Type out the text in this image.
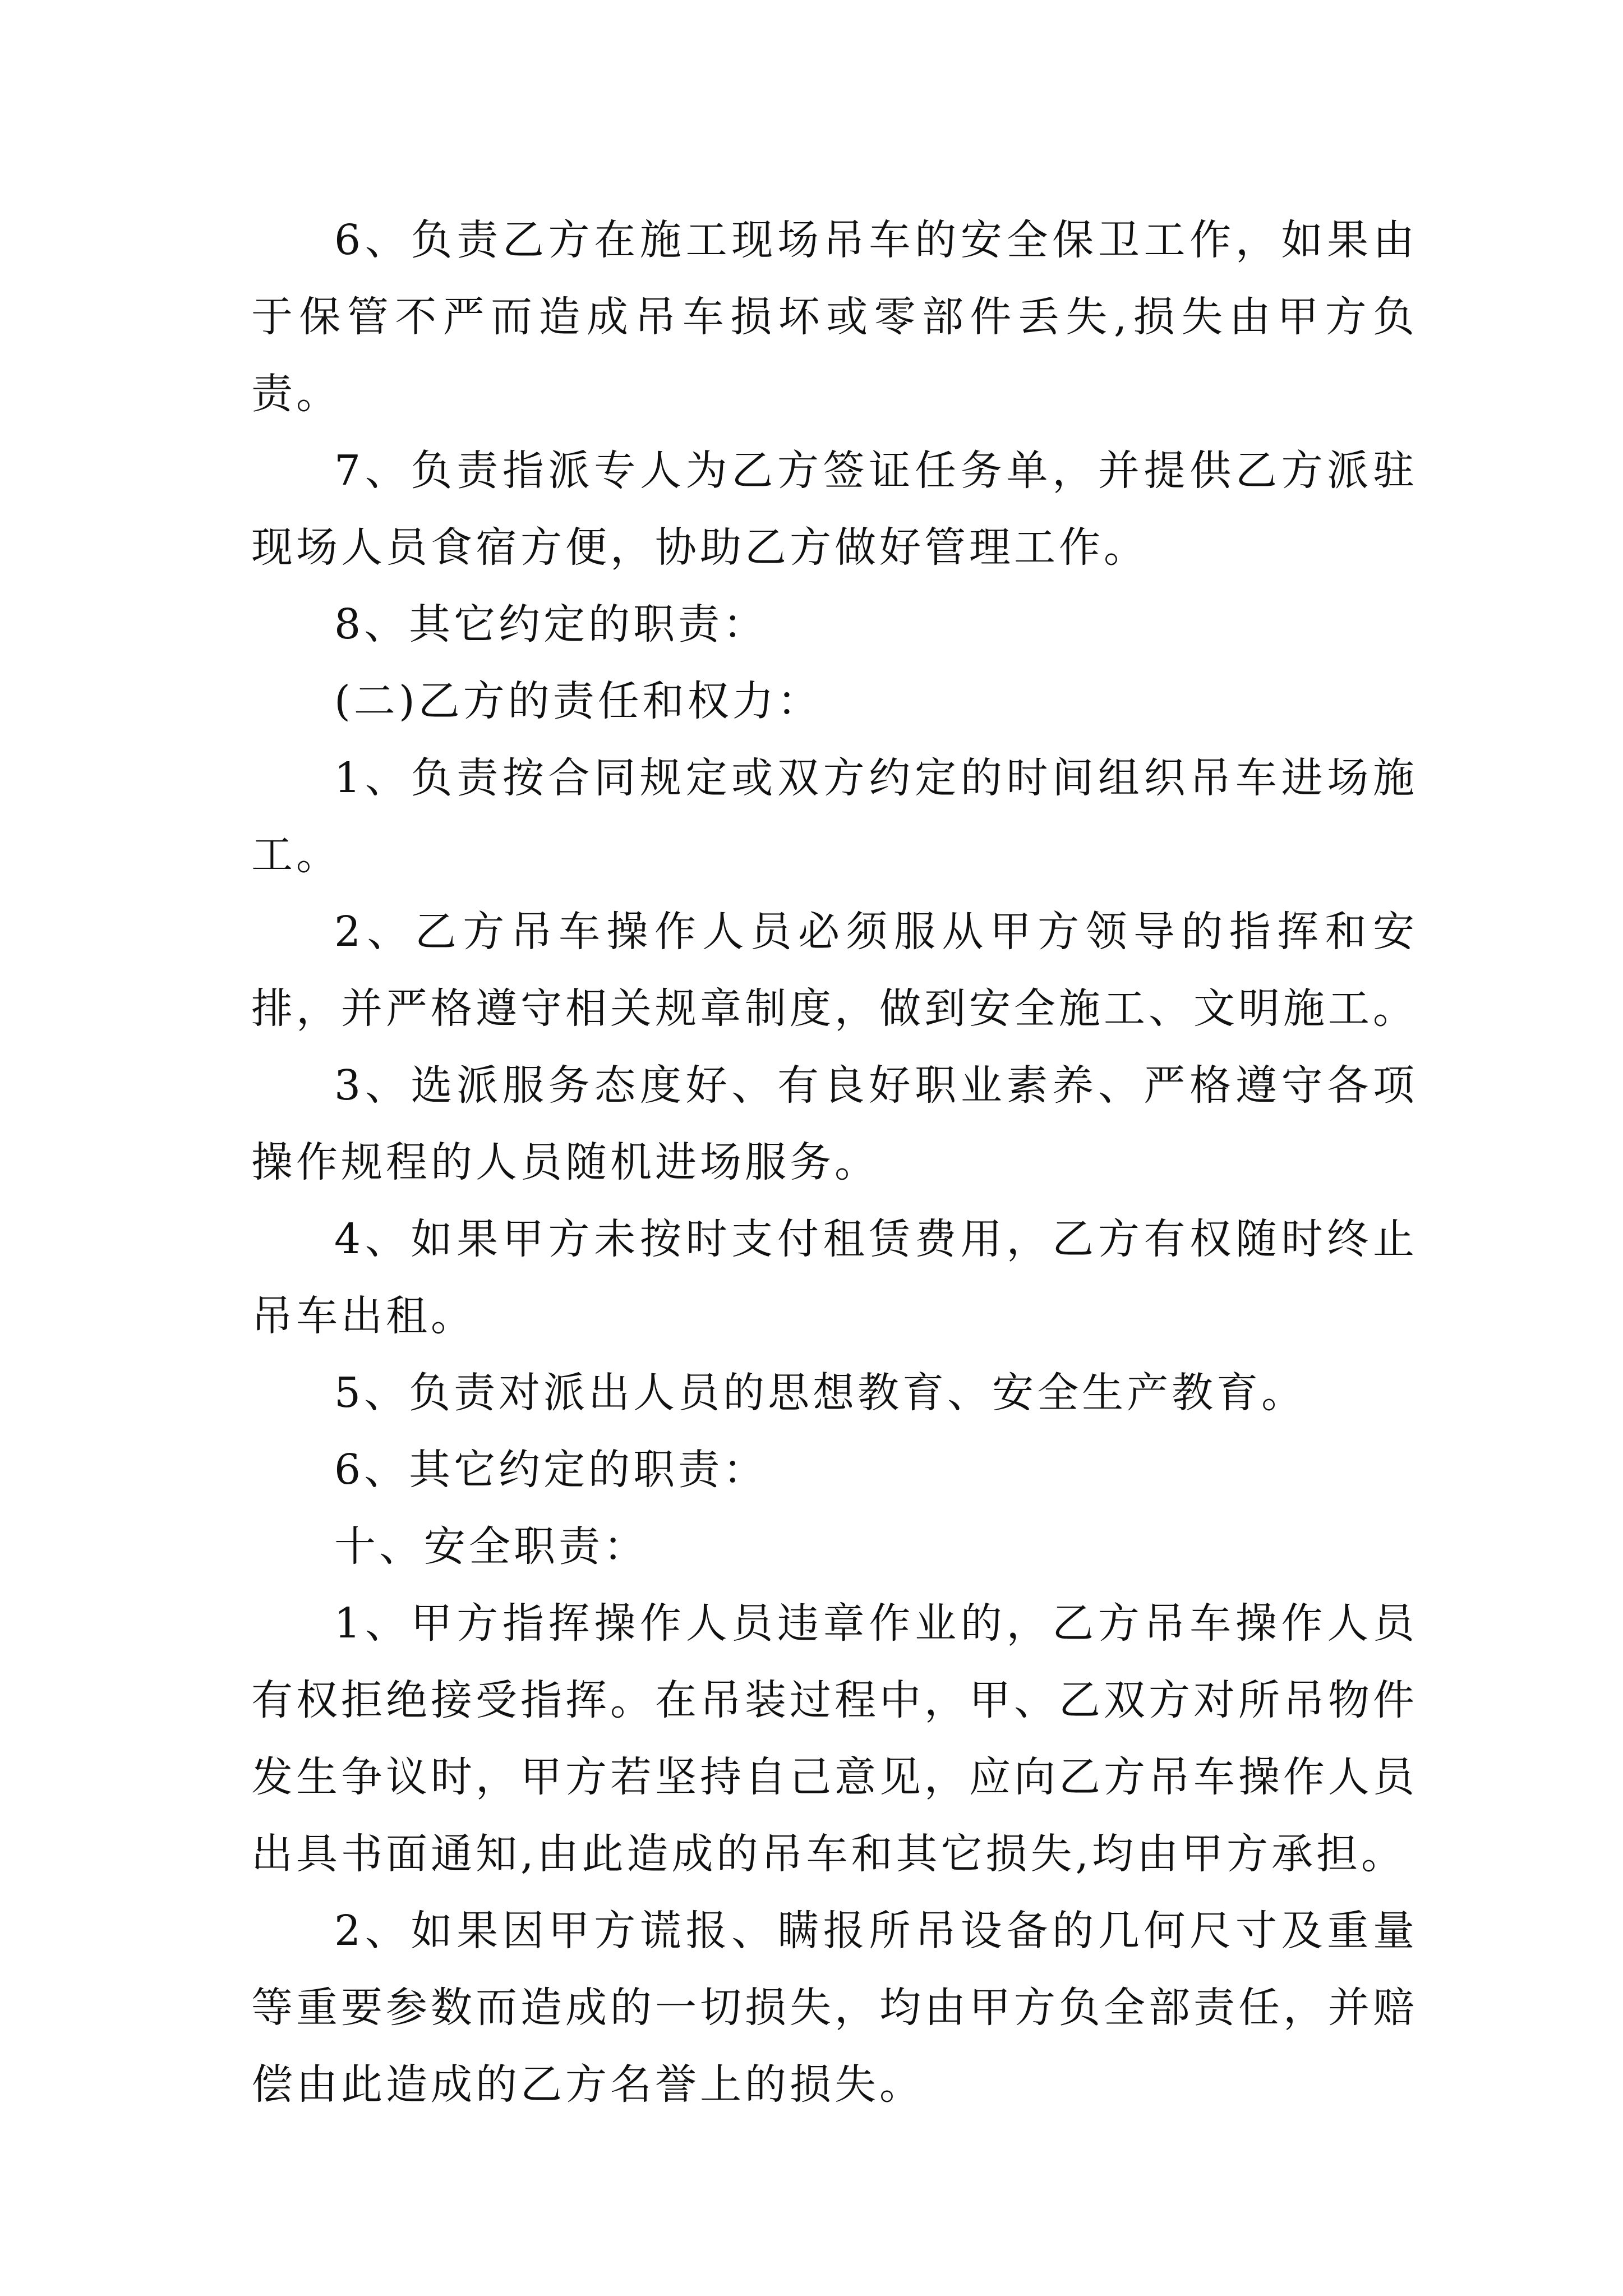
6、负责乙方在施工现场吊车的安全保卫工作，如果由于保管不严而造成吊车损坏或零部件丢失,损失由甲方负责。

7、负责指派专人为乙方签证任务单，并提供乙方派驻现场人员食宿方便，协助乙方做好管理工作。

8、其它约定的职责：

(二)乙方的责任和权力：

1、负责按合同规定或双方约定的时间组织吊车进场施工。

2、乙方吊车操作人员必须服从甲方领导的指挥和安排，并严格遵守相关规章制度，做到安全施工、文明施工。

3、选派服务态度好、有良好职业素养、严格遵守各项操作规程的人员随机进场服务。

4、如果甲方未按时支付租赁费用，乙方有权随时终止吊车出租。

5、负责对派出人员的思想教育、安全生产教育。

6、其它约定的职责：

十、安全职责：

1、甲方指挥操作人员违章作业的，乙方吊车操作人员有权拒绝接受指挥。在吊装过程中，甲、乙双方对所吊物件发生争议时，甲方若坚持自己意见，应向乙方吊车操作人员出具书面通知,由此造成的吊车和其它损失,均由甲方承担。

2、如果因甲方谎报、瞒报所吊设备的几何尺寸及重量等重要参数而造成的一切损失，均由甲方负全部责任，并赔偿由此造成的乙方名誉上的损失。
